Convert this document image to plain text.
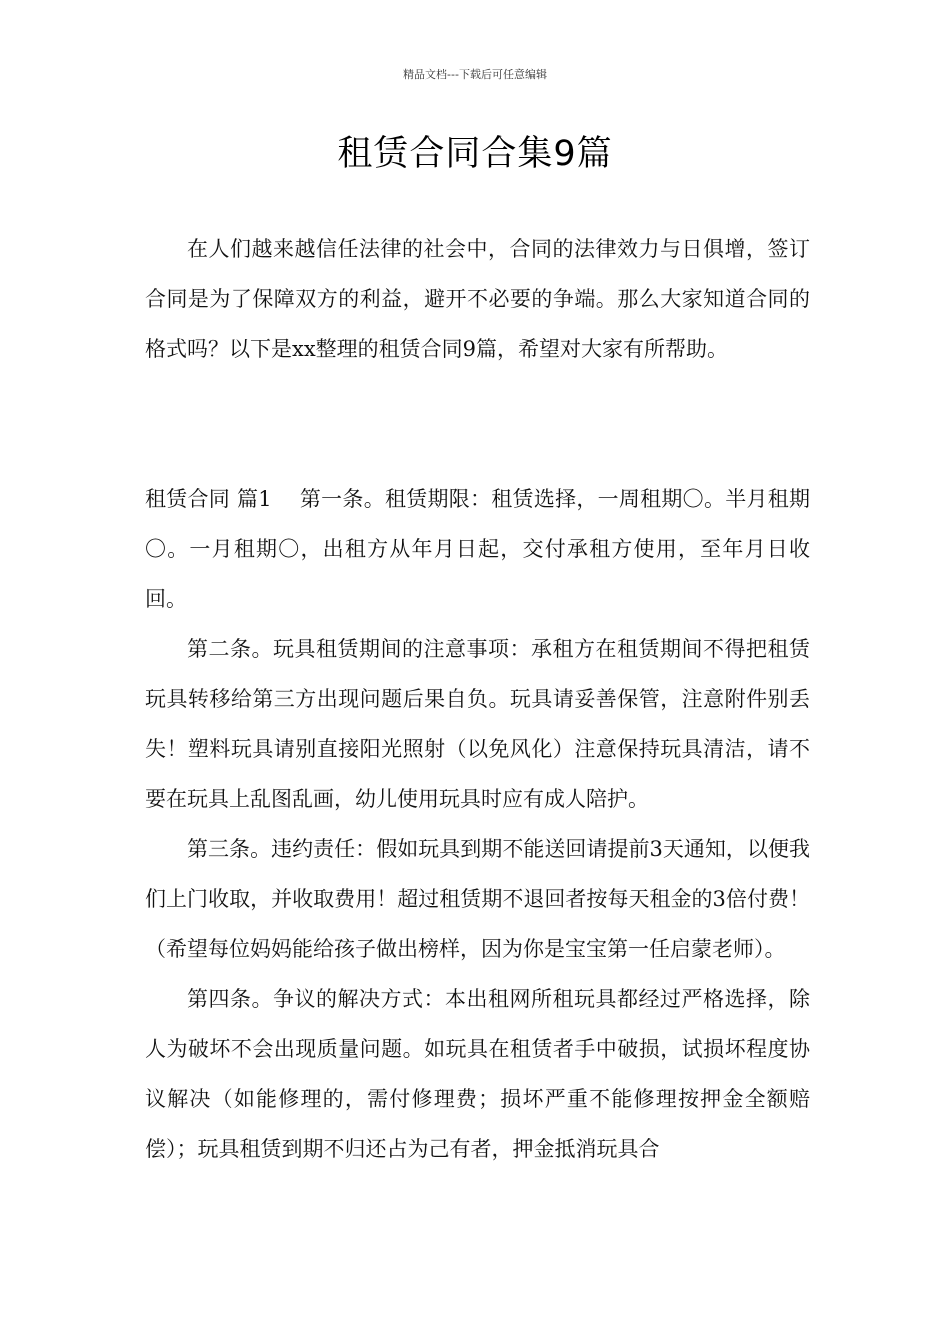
精品文档---下载后可任意编辑
租赁合同合集9篇

在人们越来越信任法律的社会中，合同的法律效力与日俱增，签订合同是为了保障双方的利益，避开不必要的争端。那么大家知道合同的格式吗？以下是xx整理的租赁合同9篇，希望对大家有所帮助。

租赁合同 篇1 第一条。租赁期限：租赁选择，一周租期〇。半月租期〇。一月租期〇，出租方从年月日起，交付承租方使用，至年月日收回。

第二条。玩具租赁期间的注意事项：承租方在租赁期间不得把租赁玩具转移给第三方出现问题后果自负。玩具请妥善保管，注意附件别丢失！塑料玩具请别直接阳光照射（以免风化）注意保持玩具清洁，请不要在玩具上乱图乱画，幼儿使用玩具时应有成人陪护。

第三条。违约责任：假如玩具到期不能送回请提前3天通知，以便我们上门收取，并收取费用！超过租赁期不退回者按每天租金的3倍付费！（希望每位妈妈能给孩子做出榜样，因为你是宝宝第一任启蒙老师）。

第四条。争议的解决方式：本出租网所租玩具都经过严格选择，除人为破坏不会出现质量问题。如玩具在租赁者手中破损，试损坏程度协议解决（如能修理的，需付修理费；损坏严重不能修理按押金全额赔偿）；玩具租赁到期不归还占为己有者，押金抵消玩具合
